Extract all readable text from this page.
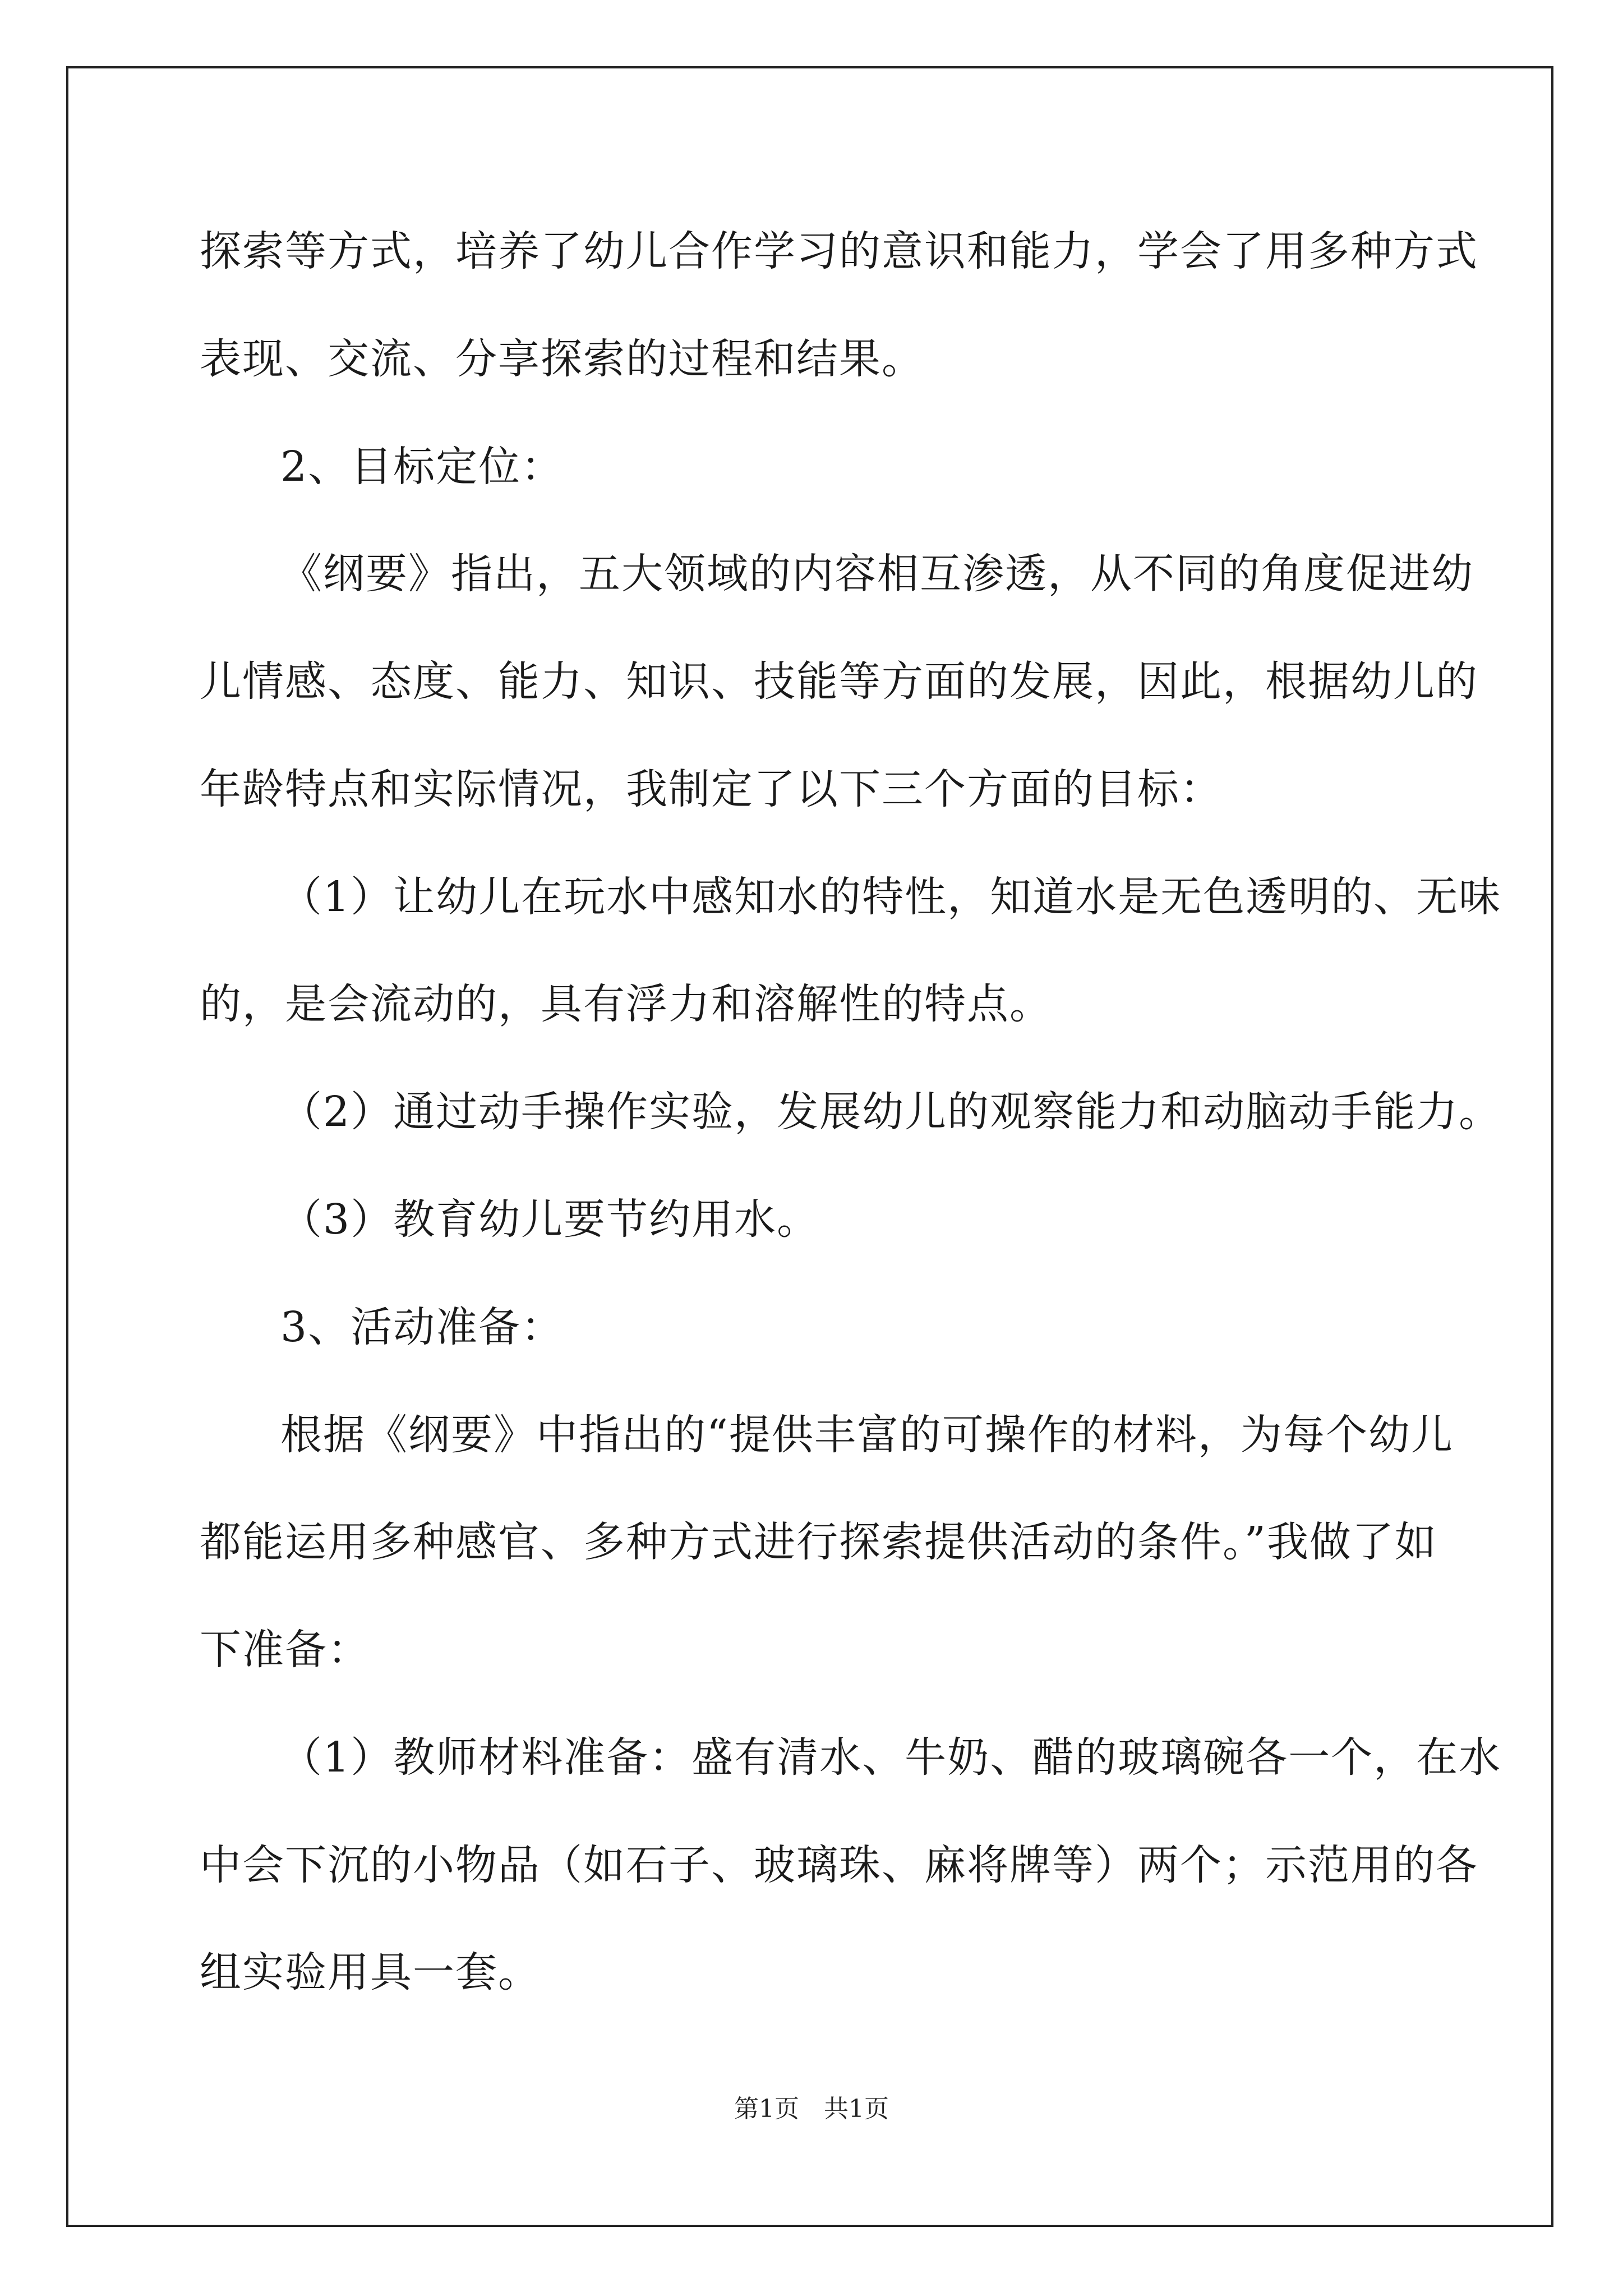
探索等方式，培养了幼儿合作学习的意识和能力，学会了用多种方式
表现、交流、分享探索的过程和结果。
2、目标定位：
《纲要》指出，五大领域的内容相互渗透，从不同的角度促进幼
儿情感、态度、能力、知识、技能等方面的发展，因此，根据幼儿的
年龄特点和实际情况，我制定了以下三个方面的目标：
（1）让幼儿在玩水中感知水的特性，知道水是无色透明的、无味
的，是会流动的，具有浮力和溶解性的特点。
（2）通过动手操作实验，发展幼儿的观察能力和动脑动手能力。
（3）教育幼儿要节约用水。
3、活动准备：
根据《纲要》中指出的“提供丰富的可操作的材料，为每个幼儿
都能运用多种感官、多种方式进行探索提供活动的条件。”我做了如
下准备：
（1）教师材料准备：盛有清水、牛奶、醋的玻璃碗各一个，在水
中会下沉的小物品（如石子、玻璃珠、麻将牌等）两个；示范用的各
组实验用具一套。
第1页　共1页
